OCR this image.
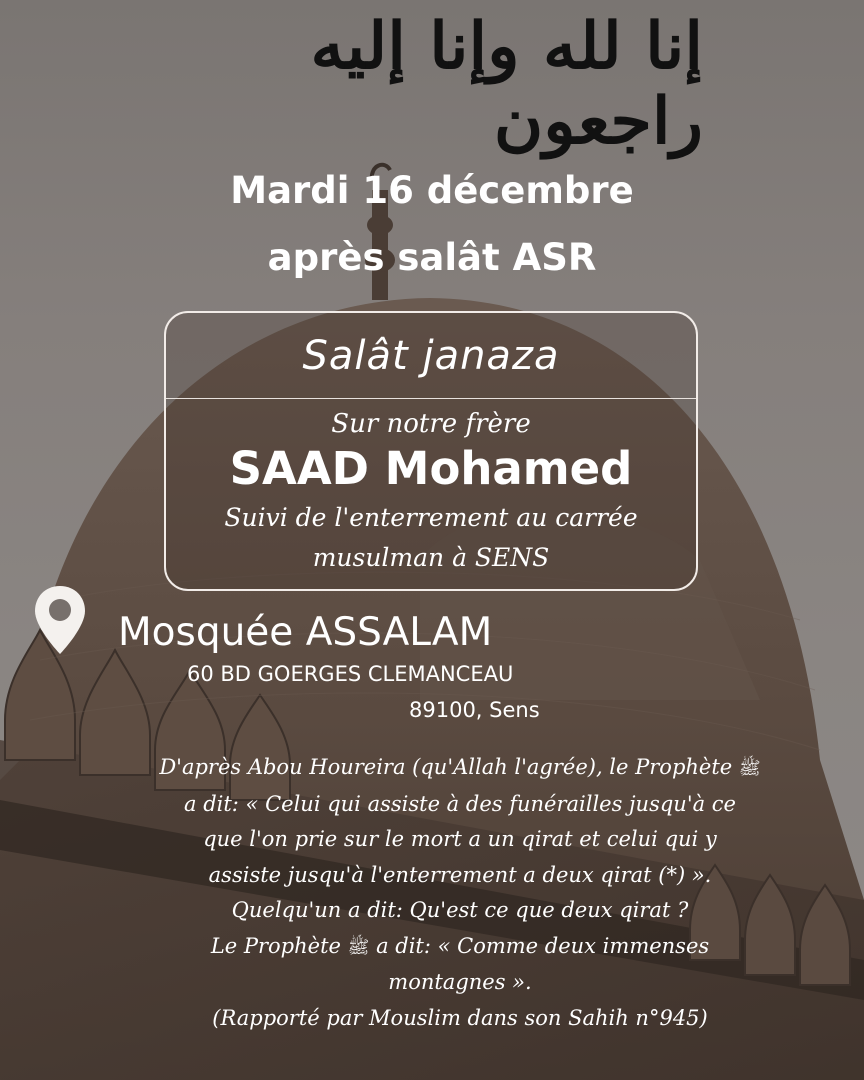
إنا لله وإنا إليه راجعون
Mardi 16 décembre
après salât ASR
Salât janaza
Sur notre frère
SAAD Mohamed
Suivi de l'enterrement au carrée
musulman à SENS
Mosquée ASSALAM
60 BD GOERGES CLEMANCEAU
89100, Sens
D'après Abou Houreira (qu'Allah l'agrée), le Prophète ﷺ
a dit: « Celui qui assiste à des funérailles jusqu'à ce
que l'on prie sur le mort a un qirat et celui qui y
assiste jusqu'à l'enterrement a deux qirat (*) ».
Quelqu'un a dit: Qu'est ce que deux qirat ?
Le Prophète ﷺ a dit: « Comme deux immenses
montagnes ».
(Rapporté par Mouslim dans son Sahih n°945)
